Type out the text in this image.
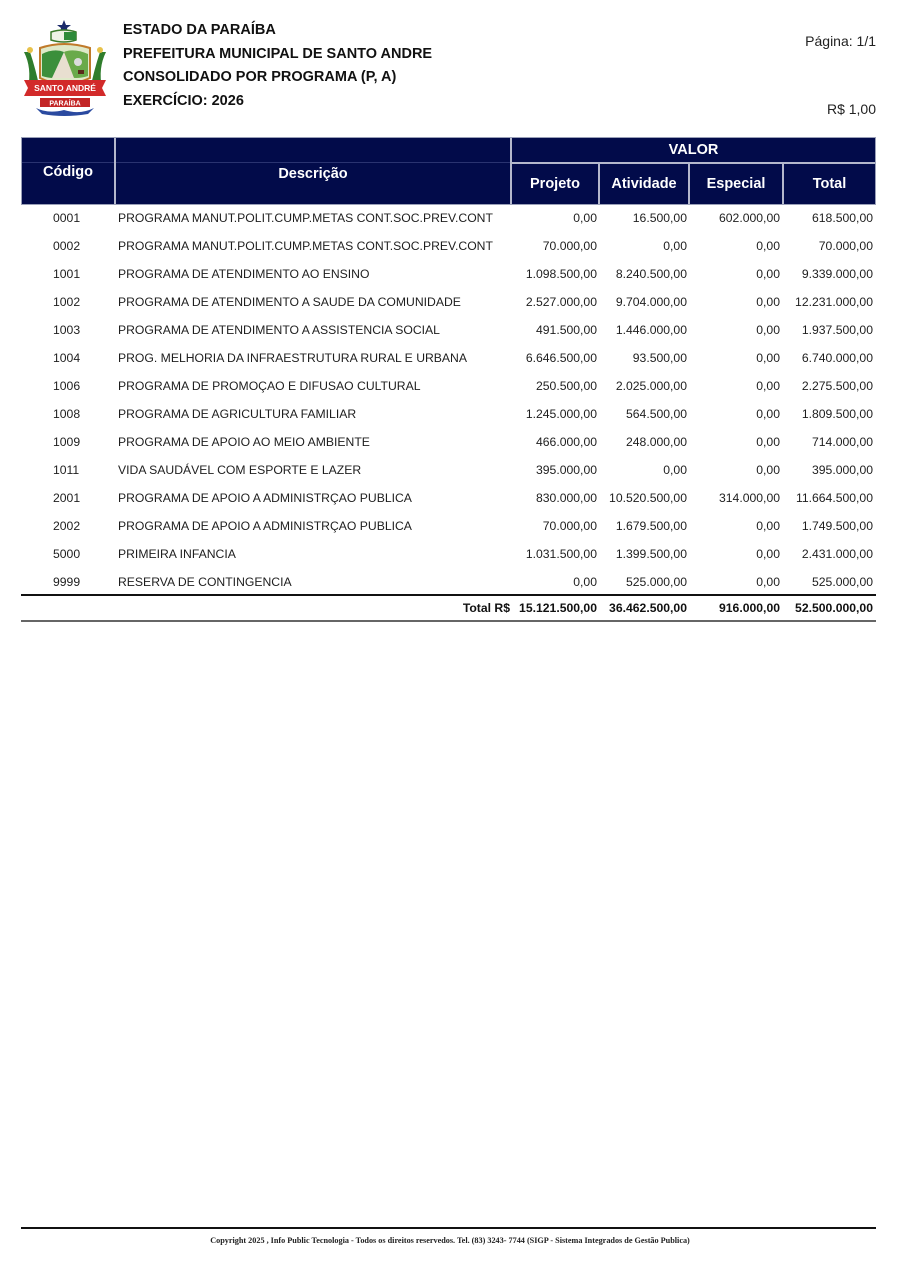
SANTO ANDRÉ
PARAÍBA
ESTADO DA PARAÍBA
PREFEITURA MUNICIPAL DE SANTO ANDRE
CONSOLIDADO POR PROGRAMA (P, A)
EXERCÍCIO: 2026
Página: 1/1
R$ 1,00
Código	Descrição
VALOR
Projeto	Atividade	Especial	Total
0001	PROGRAMA MANUT.POLIT.CUMP.METAS CONT.SOC.PREV.CONT	0,00	16.500,00	602.000,00	618.500,00
0002	PROGRAMA MANUT.POLIT.CUMP.METAS CONT.SOC.PREV.CONT	70.000,00	0,00	0,00	70.000,00
1001	PROGRAMA DE ATENDIMENTO AO ENSINO	1.098.500,00 8.240.500,00	0,00 9.339.000,00
1002	PROGRAMA DE ATENDIMENTO A SAUDE DA COMUNIDADE	2.527.000,00 9.704.000,00	0,00 12.231.000,00
1003	PROGRAMA DE ATENDIMENTO A ASSISTENCIA SOCIAL	491.500,00 1.446.000,00	0,00 1.937.500,00
1004	PROG. MELHORIA DA INFRAESTRUTURA RURAL E URBANA	6.646.500,00	93.500,00	0,00 6.740.000,00
1006	PROGRAMA DE PROMOÇAO E DIFUSAO CULTURAL	250.500,00 2.025.000,00	0,00 2.275.500,00
1008	PROGRAMA DE AGRICULTURA FAMILIAR	1.245.000,00 564.500,00	0,00 1.809.500,00
1009	PROGRAMA DE APOIO AO MEIO AMBIENTE	466.000,00 248.000,00	0,00	714.000,00
1011	VIDA SAUDÁVEL COM ESPORTE E LAZER	395.000,00	0,00	0,00	395.000,00
2001	PROGRAMA DE APOIO A ADMINISTRÇAO PUBLICA	830.000,00 10.520.500,00	314.000,00 11.664.500,00
2002	PROGRAMA DE APOIO A ADMINISTRÇAO PUBLICA	70.000,00 1.679.500,00	0,00 1.749.500,00
5000	PRIMEIRA INFANCIA	1.031.500,00 1.399.500,00	0,00 2.431.000,00
9999	RESERVA DE CONTINGENCIA	0,00 525.000,00	0,00	525.000,00
Total R$ 15.121.500,00 36.462.500,00	916.000,00 52.500.000,00
Copyright 2025 , Info Public Tecnologia - Todos os direitos reservedos. Tel. (83) 3243- 7744 (SIGP - Sistema Integrados de Gestão Publica)
